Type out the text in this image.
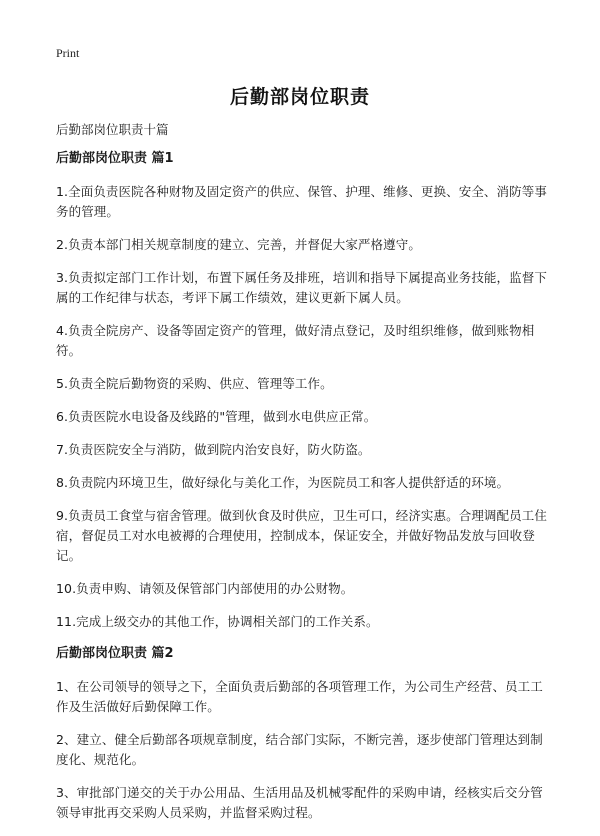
Print
后勤部岗位职责
后勤部岗位职责十篇
后勤部岗位职责 篇1

1.全面负责医院各种财物及固定资产的供应、保管、护理、维修、更换、安全、消防等事务的管理。

2.负责本部门相关规章制度的建立、完善，并督促大家严格遵守。

3.负责拟定部门工作计划，布置下属任务及排班，培训和指导下属提高业务技能，监督下属的工作纪律与状态，考评下属工作绩效，建议更新下属人员。

4.负责全院房产、设备等固定资产的管理，做好清点登记，及时组织维修，做到账物相符。

5.负责全院后勤物资的采购、供应、管理等工作。

6.负责医院水电设备及线路的"管理，做到水电供应正常。

7.负责医院安全与消防，做到院内治安良好，防火防盗。

8.负责院内环境卫生，做好绿化与美化工作，为医院员工和客人提供舒适的环境。

9.负责员工食堂与宿舍管理。做到伙食及时供应，卫生可口，经济实惠。合理调配员工住宿，督促员工对水电被褥的合理使用，控制成本，保证安全，并做好物品发放与回收登记。

10.负责申购、请领及保管部门内部使用的办公财物。

11.完成上级交办的其他工作，协调相关部门的工作关系。

后勤部岗位职责 篇2

1、在公司领导的领导之下，全面负责后勤部的各项管理工作，为公司生产经营、员工工作及生活做好后勤保障工作。

2、建立、健全后勤部各项规章制度，结合部门实际，不断完善，逐步使部门管理达到制度化、规范化。

3、审批部门递交的关于办公用品、生活用品及机械零配件的采购申请，经核实后交分管领导审批再交采购人员采购，并监督采购过程。
